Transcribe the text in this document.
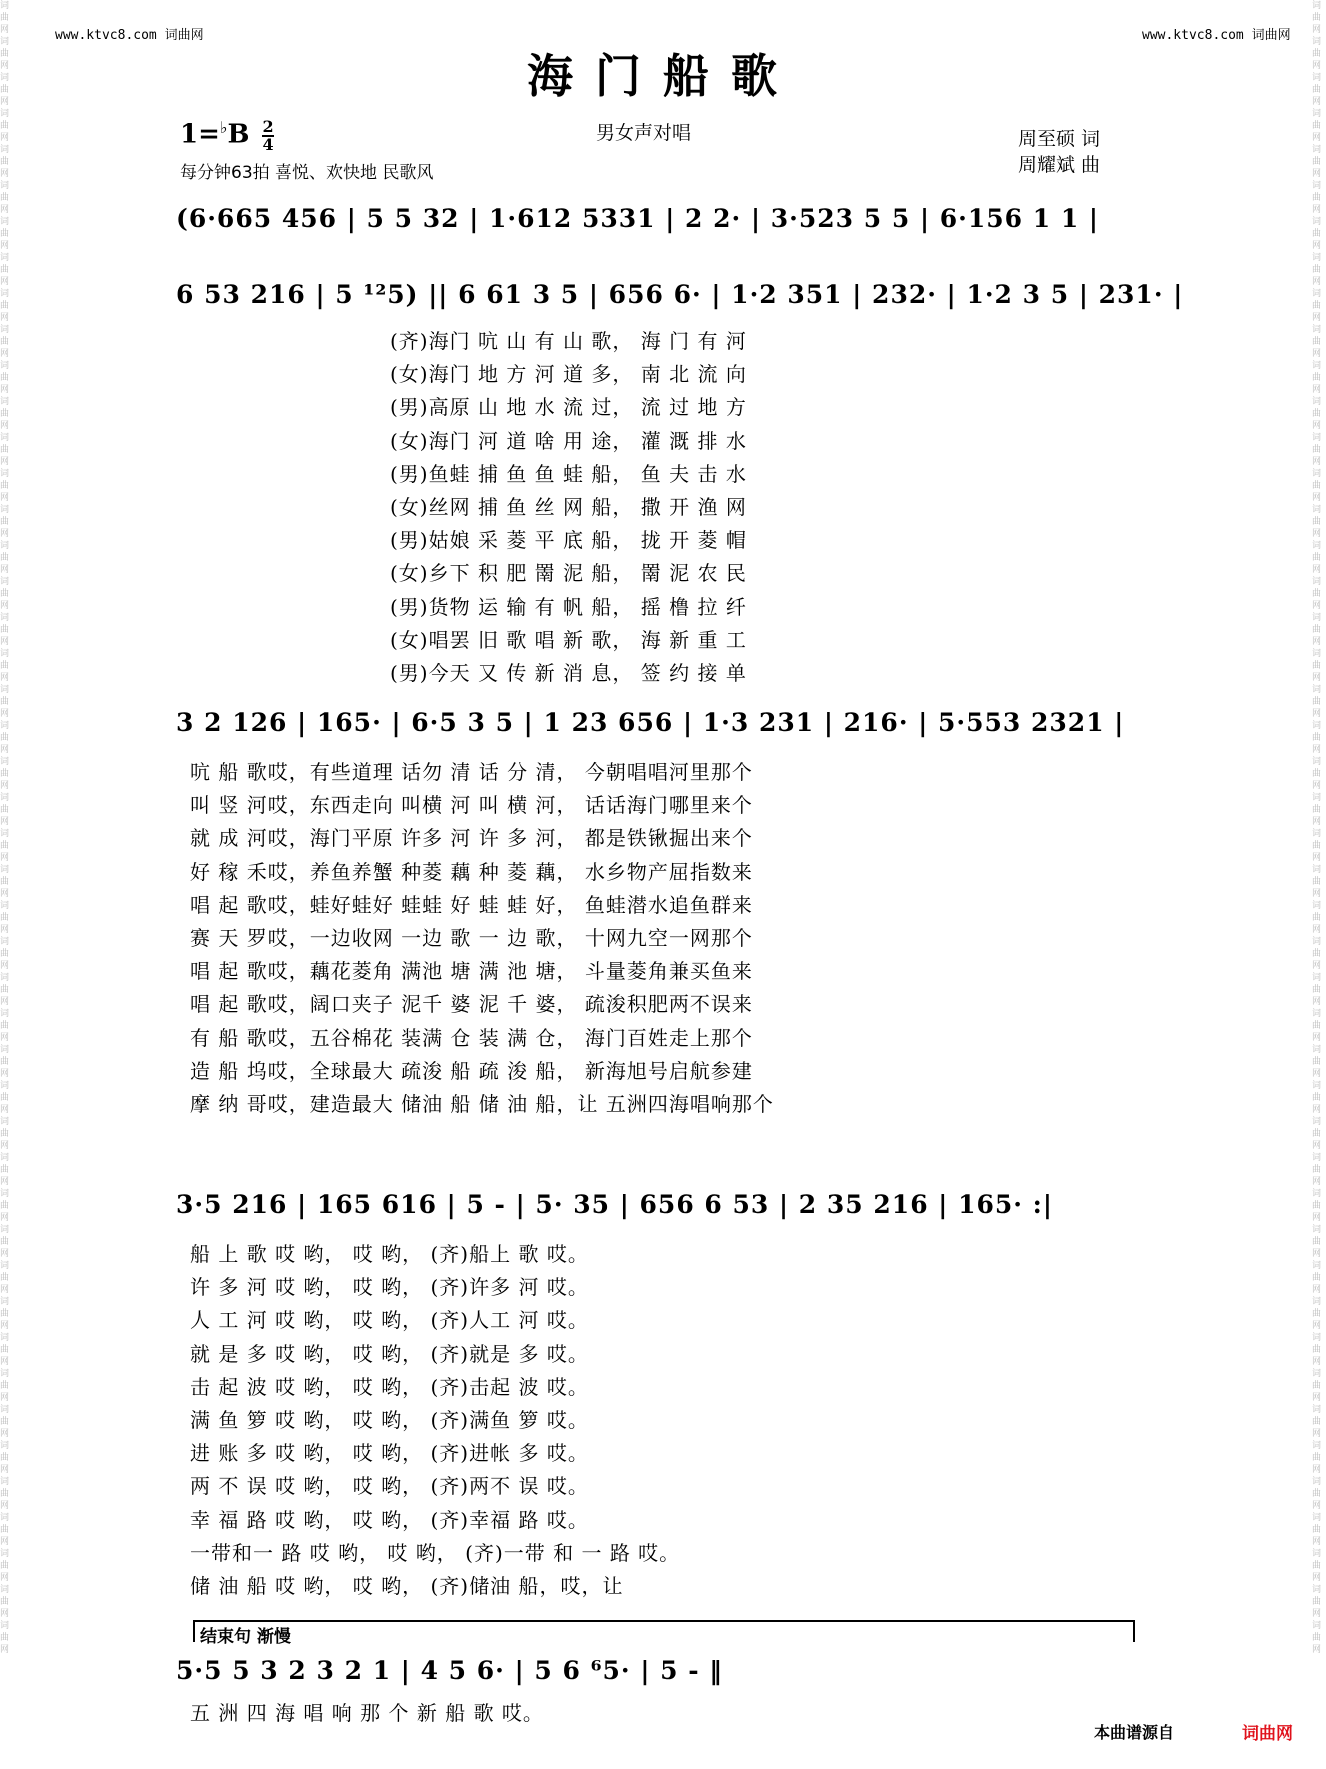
www.ktvc8.com 词曲网	www.ktvc8.com 词曲网
词曲网词曲网词曲网词曲网词曲网词曲网词曲网词曲网词曲网词曲网词曲网词曲网词曲网词曲网词曲网词曲网词曲网词曲网词曲网词曲网词曲网词曲网词曲网词曲网词曲网词曲网词曲网词曲网词曲网词曲网词曲网词曲网词曲网词曲网词曲网词曲网词曲网词曲网词曲网词曲网词曲网词曲网词曲网词曲网词曲网词曲网
词曲网词曲网词曲网词曲网词曲网词曲网词曲网词曲网词曲网词曲网词曲网词曲网词曲网词曲网词曲网词曲网词曲网词曲网词曲网词曲网词曲网词曲网词曲网词曲网词曲网词曲网词曲网词曲网词曲网词曲网词曲网词曲网词曲网词曲网词曲网词曲网词曲网词曲网词曲网词曲网词曲网词曲网词曲网词曲网词曲网词曲网
海门船歌
$1=^♭B \frac{2}{4}$	男女声对唱
每分钟63拍 喜悦、欢快地 民歌风
周至硕 词
周耀斌 曲
(6·665 456 | 5 5 32 | 1·612 5331 | 2 2· | 3·523 5 5 | 6·156 1 1 |
6 53 216 | 5 ¹²5) || 6 61 3 5 | 656 6· | 1·2 351 | 232· | 1·2 3 5 | 231· |
(齐)海门 吭 山 有 山 歌， 海 门 有 河
(女)海门 地 方 河 道 多， 南 北 流 向
(男)高原 山 地 水 流 过， 流 过 地 方
(女)海门 河 道 啥 用 途， 灌 溉 排 水
(男)鱼蛙 捕 鱼 鱼 蛙 船， 鱼 夫 击 水
(女)丝网 捕 鱼 丝 网 船， 撒 开 渔 网
(男)姑娘 采 菱 平 底 船， 拢 开 菱 帽
(女)乡下 积 肥 罱 泥 船， 罱 泥 农 民
(男)货物 运 输 有 帆 船， 摇 橹 拉 纤
(女)唱罢 旧 歌 唱 新 歌， 海 新 重 工
(男)今天 又 传 新 消 息， 签 约 接 单
3 2 126 | 165· | 6·5 3 5 | 1 23 656 | 1·3 231 | 216· | 5·553 2321 |
吭 船 歌哎，有些道理 话勿 清 话 分 清， 今朝唱唱河里那个
叫 竖 河哎，东西走向 叫横 河 叫 横 河， 话话海门哪里来个
就 成 河哎，海门平原 许多 河 许 多 河， 都是铁锹掘出来个
好 稼 禾哎，养鱼养蟹 种菱 藕 种 菱 藕， 水乡物产屈指数来
唱 起 歌哎，蛙好蛙好 蛙蛙 好 蛙 蛙 好， 鱼蛙潜水追鱼群来
赛 天 罗哎，一边收网 一边 歌 一 边 歌， 十网九空一网那个
唱 起 歌哎，藕花菱角 满池 塘 满 池 塘， 斗量菱角兼买鱼来
唱 起 歌哎，阔口夹子 泥千 婆 泥 千 婆， 疏浚积肥两不误来
有 船 歌哎，五谷棉花 装满 仓 装 满 仓， 海门百姓走上那个
造 船 坞哎，全球最大 疏浚 船 疏 浚 船， 新海旭号启航参建
摩 纳 哥哎，建造最大 储油 船 储 油 船，让 五洲四海唱响那个
3·5 216 | 165 616 | 5 - | 5· 35 | 656 6 53 | 2 35 216 | 165· :|
船 上 歌 哎 哟， 哎 哟， (齐)船上 歌 哎。
许 多 河 哎 哟， 哎 哟， (齐)许多 河 哎。
人 工 河 哎 哟， 哎 哟， (齐)人工 河 哎。
就 是 多 哎 哟， 哎 哟， (齐)就是 多 哎。
击 起 波 哎 哟， 哎 哟， (齐)击起 波 哎。
满 鱼 箩 哎 哟， 哎 哟， (齐)满鱼 箩 哎。
进 账 多 哎 哟， 哎 哟， (齐)进帐 多 哎。
两 不 误 哎 哟， 哎 哟， (齐)两不 误 哎。
幸 福 路 哎 哟， 哎 哟， (齐)幸福 路 哎。
一带和一 路 哎 哟， 哎 哟， (齐)一带 和 一 路 哎。
储 油 船 哎 哟， 哎 哟， (齐)储油 船，哎，让
结束句 渐慢
5·5 5 3 2 3 2 1 | 4 5 6· | 5 6 ⁶5· | 5 - ‖
五 洲 四 海 唱 响 那 个 新 船 歌 哎。
本曲谱源自	词曲网
